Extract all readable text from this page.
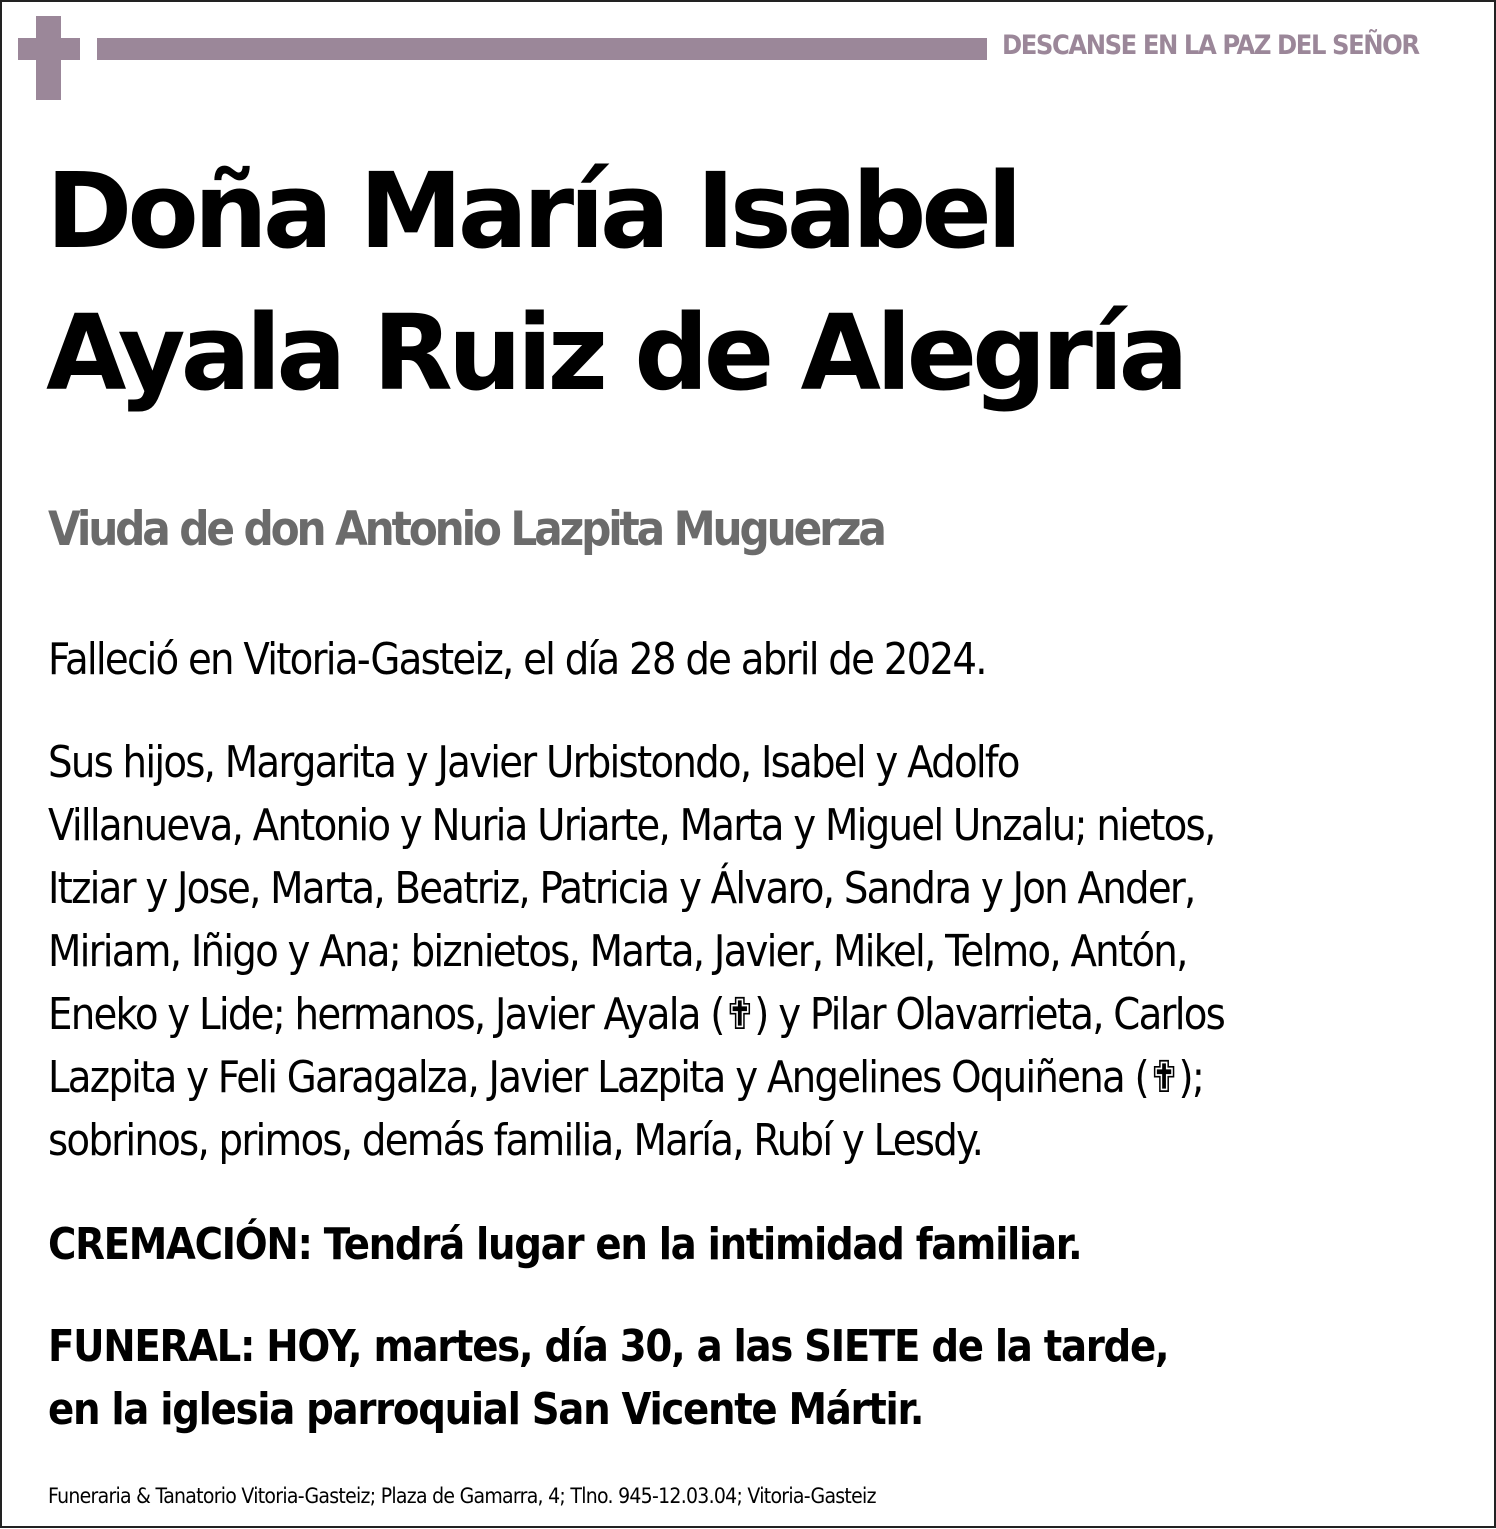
DESCANSE EN LA PAZ DEL SEÑOR
Doña María Isabel
Ayala Ruiz de Alegría
Viuda de don Antonio Lazpita Muguerza
Falleció en Vitoria-Gasteiz, el día 28 de abril de 2024.
Sus hijos, Margarita y Javier Urbistondo, Isabel y Adolfo
Villanueva, Antonio y Nuria Uriarte, Marta y Miguel Unzalu; nietos,
Itziar y Jose, Marta, Beatriz, Patricia y Álvaro, Sandra y Jon Ander,
Miriam, Iñigo y Ana; biznietos, Marta, Javier, Mikel, Telmo, Antón,
Eneko y Lide; hermanos, Javier Ayala (✟) y Pilar Olavarrieta, Carlos
Lazpita y Feli Garagalza, Javier Lazpita y Angelines Oquiñena (✟);
sobrinos, primos, demás familia, María, Rubí y Lesdy.
CREMACIÓN: Tendrá lugar en la intimidad familiar.
FUNERAL: HOY, martes, día 30, a las SIETE de la tarde,
en la iglesia parroquial San Vicente Mártir.
Funeraria & Tanatorio Vitoria-Gasteiz; Plaza de Gamarra, 4; Tlno. 945-12.03.04; Vitoria-Gasteiz
